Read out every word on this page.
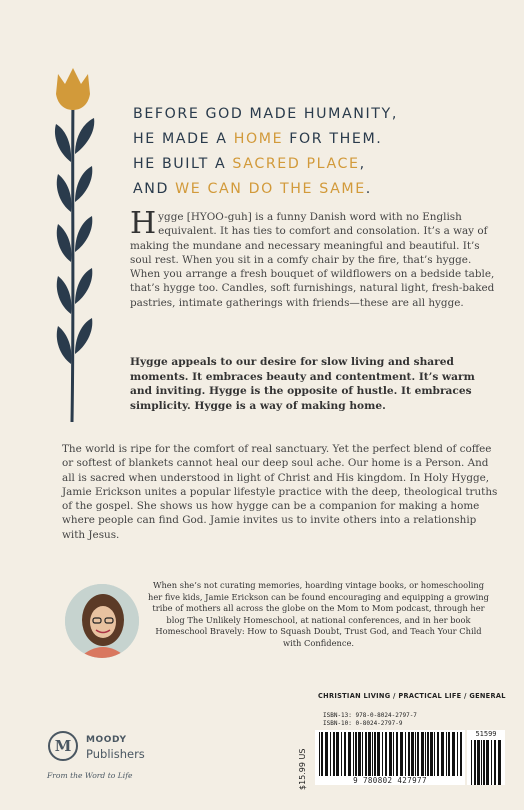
BEFORE GOD MADE HUMANITY,
HE MADE A HOME FOR THEM.
HE BUILT A SACRED PLACE,
AND WE CAN DO THE SAME.
Hygge [HYOO-guh] is a funny Danish word with no English equivalent. It has ties to comfort and consolation. It’s a way of making the mundane and necessary meaningful and beautiful. It’s soul rest. When you sit in a comfy chair by the fire, that’s hygge. When you arrange a fresh bouquet of wildflowers on a bedside table, that’s hygge too. Candles, soft furnishings, natural light, fresh-baked pastries, intimate gatherings with friends—these are all hygge.
Hygge appeals to our desire for slow living and shared moments. It embraces beauty and contentment. It’s warm and inviting. Hygge is the opposite of hustle. It embraces simplicity. Hygge is a way of making home.
The world is ripe for the comfort of real sanctuary. Yet the perfect blend of coffee or softest of blankets cannot heal our deep soul ache. Our home is a Person. And all is sacred when understood in light of Christ and His kingdom. In Holy Hygge, Jamie Erickson unites a popular lifestyle practice with the deep, theological truths of the gospel. She shows us how hygge can be a companion for making a home where people can find God. Jamie invites us to invite others into a relationship with Jesus.
When she’s not curating memories, hoarding vintage books, or homeschooling her five kids, Jamie Erickson can be found encouraging and equipping a growing tribe of mothers all across the globe on the Mom to Mom podcast, through her blog The Unlikely Homeschool, at national conferences, and in her book Homeschool Bravely: How to Squash Doubt, Trust God, and Teach Your Child with Confidence.
CHRISTIAN LIVING / PRACTICAL LIFE / GENERAL
ISBN-13: 978-0-8024-2797-7
ISBN-10: 0-8024-2797-9
$15.99 US	9 780802 427977
51599
M	MOODY
Publishers
From the Word to Life
